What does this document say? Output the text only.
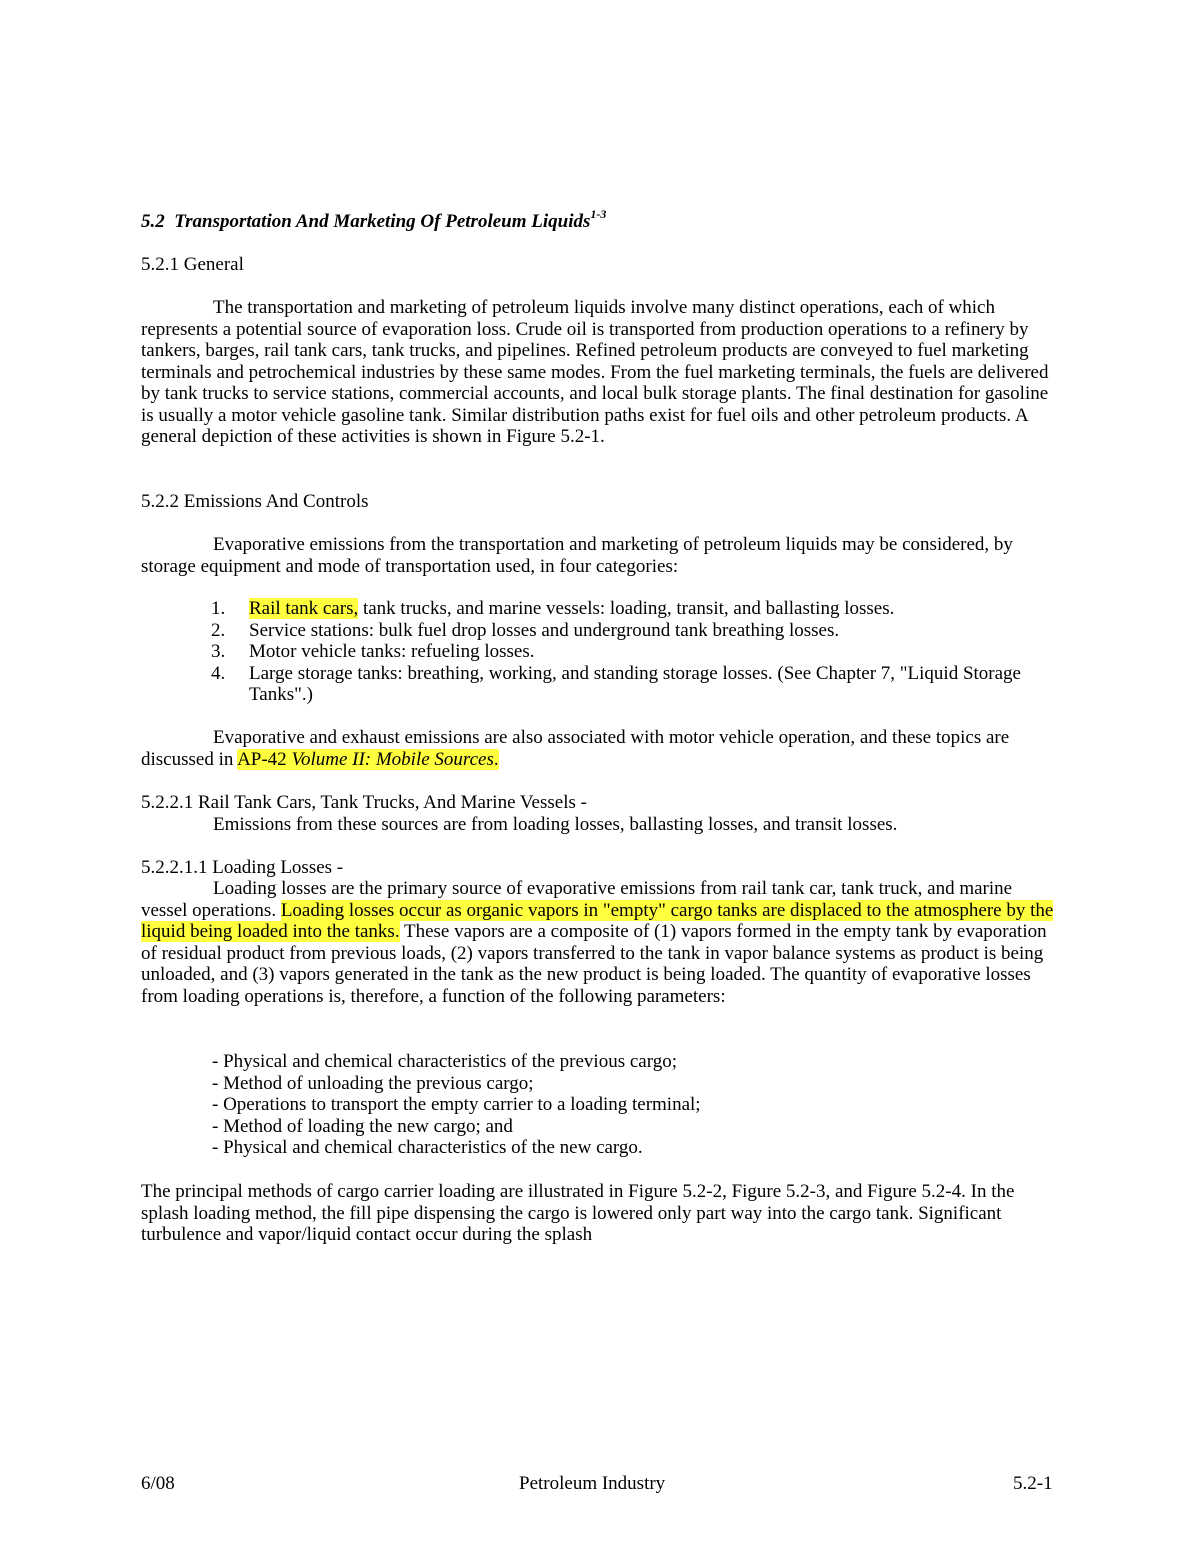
5.2 Transportation And Marketing Of Petroleum Liquids$^{1-3}$
5.2.1 General

The transportation and marketing of petroleum liquids involve many distinct operations, each of which represents a potential source of evaporation loss. Crude oil is transported from production operations to a refinery by tankers, barges, rail tank cars, tank trucks, and pipelines. Refined petroleum products are conveyed to fuel marketing terminals and petrochemical industries by these same modes. From the fuel marketing terminals, the fuels are delivered by tank trucks to service stations, commercial accounts, and local bulk storage plants. The final destination for gasoline is usually a motor vehicle gasoline tank. Similar distribution paths exist for fuel oils and other petroleum products. A general depiction of these activities is shown in Figure 5.2-1.

5.2.2 Emissions And Controls

Evaporative emissions from the transportation and marketing of petroleum liquids may be considered, by storage equipment and mode of transportation used, in four categories:

1.	Rail tank cars, tank trucks, and marine vessels: loading, transit, and ballasting losses.
2.	Service stations: bulk fuel drop losses and underground tank breathing losses.
3.	Motor vehicle tanks: refueling losses.
4.	Large storage tanks: breathing, working, and standing storage losses. (See Chapter 7, "Liquid Storage Tanks".)

Evaporative and exhaust emissions are also associated with motor vehicle operation, and these topics are discussed in AP-42 Volume II: Mobile Sources.

5.2.2.1 Rail Tank Cars, Tank Trucks, And Marine Vessels -
Emissions from these sources are from loading losses, ballasting losses, and transit losses.
5.2.2.1.1 Loading Losses -

Loading losses are the primary source of evaporative emissions from rail tank car, tank truck, and marine vessel operations. Loading losses occur as organic vapors in "empty" cargo tanks are displaced to the atmosphere by the liquid being loaded into the tanks. These vapors are a composite of (1) vapors formed in the empty tank by evaporation of residual product from previous loads, (2) vapors transferred to the tank in vapor balance systems as product is being unloaded, and (3) vapors generated in the tank as the new product is being loaded. The quantity of evaporative losses from loading operations is, therefore, a function of the following parameters:

- Physical and chemical characteristics of the previous cargo;
- Method of unloading the previous cargo;
- Operations to transport the empty carrier to a loading terminal;
- Method of loading the new cargo; and
- Physical and chemical characteristics of the new cargo.

The principal methods of cargo carrier loading are illustrated in Figure 5.2-2, Figure 5.2-3, and Figure 5.2-4. In the splash loading method, the fill pipe dispensing the cargo is lowered only part way into the cargo tank. Significant turbulence and vapor/liquid contact occur during the splash

6/08	Petroleum Industry	5.2-1
